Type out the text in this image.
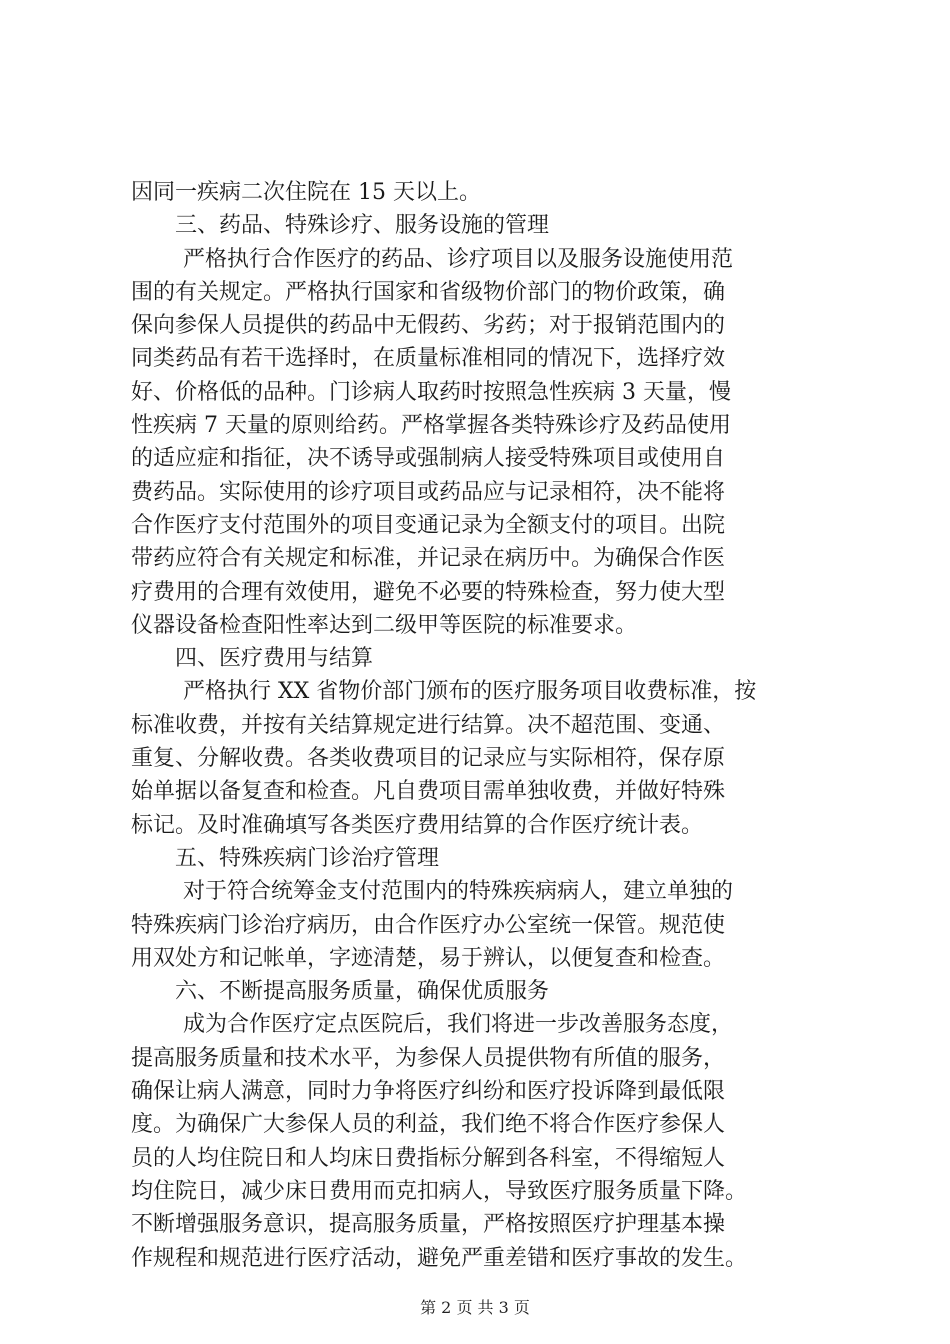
因同一疾病二次住院在 15 天以上。
三、药品、特殊诊疗、服务设施的管理
严格执行合作医疗的药品、诊疗项目以及服务设施使用范
围的有关规定。严格执行国家和省级物价部门的物价政策，确
保向参保人员提供的药品中无假药、劣药；对于报销范围内的
同类药品有若干选择时，在质量标准相同的情况下，选择疗效
好、价格低的品种。门诊病人取药时按照急性疾病 3 天量，慢
性疾病 7 天量的原则给药。严格掌握各类特殊诊疗及药品使用
的适应症和指征，决不诱导或强制病人接受特殊项目或使用自
费药品。实际使用的诊疗项目或药品应与记录相符，决不能将
合作医疗支付范围外的项目变通记录为全额支付的项目。出院
带药应符合有关规定和标准，并记录在病历中。为确保合作医
疗费用的合理有效使用，避免不必要的特殊检查，努力使大型
仪器设备检查阳性率达到二级甲等医院的标准要求。
四、医疗费用与结算
严格执行 XX 省物价部门颁布的医疗服务项目收费标准，按
标准收费，并按有关结算规定进行结算。决不超范围、变通、
重复、分解收费。各类收费项目的记录应与实际相符，保存原
始单据以备复查和检查。凡自费项目需单独收费，并做好特殊
标记。及时准确填写各类医疗费用结算的合作医疗统计表。
五、特殊疾病门诊治疗管理
对于符合统筹金支付范围内的特殊疾病病人，建立单独的
特殊疾病门诊治疗病历，由合作医疗办公室统一保管。规范使
用双处方和记帐单，字迹清楚，易于辨认，以便复查和检查。
六、不断提高服务质量，确保优质服务
成为合作医疗定点医院后，我们将进一步改善服务态度，
提高服务质量和技术水平，为参保人员提供物有所值的服务，
确保让病人满意，同时力争将医疗纠纷和医疗投诉降到最低限
度。为确保广大参保人员的利益，我们绝不将合作医疗参保人
员的人均住院日和人均床日费指标分解到各科室，不得缩短人
均住院日，减少床日费用而克扣病人，导致医疗服务质量下降。
不断增强服务意识，提高服务质量，严格按照医疗护理基本操
作规程和规范进行医疗活动，避免严重差错和医疗事故的发生。
第 2 页 共 3 页
